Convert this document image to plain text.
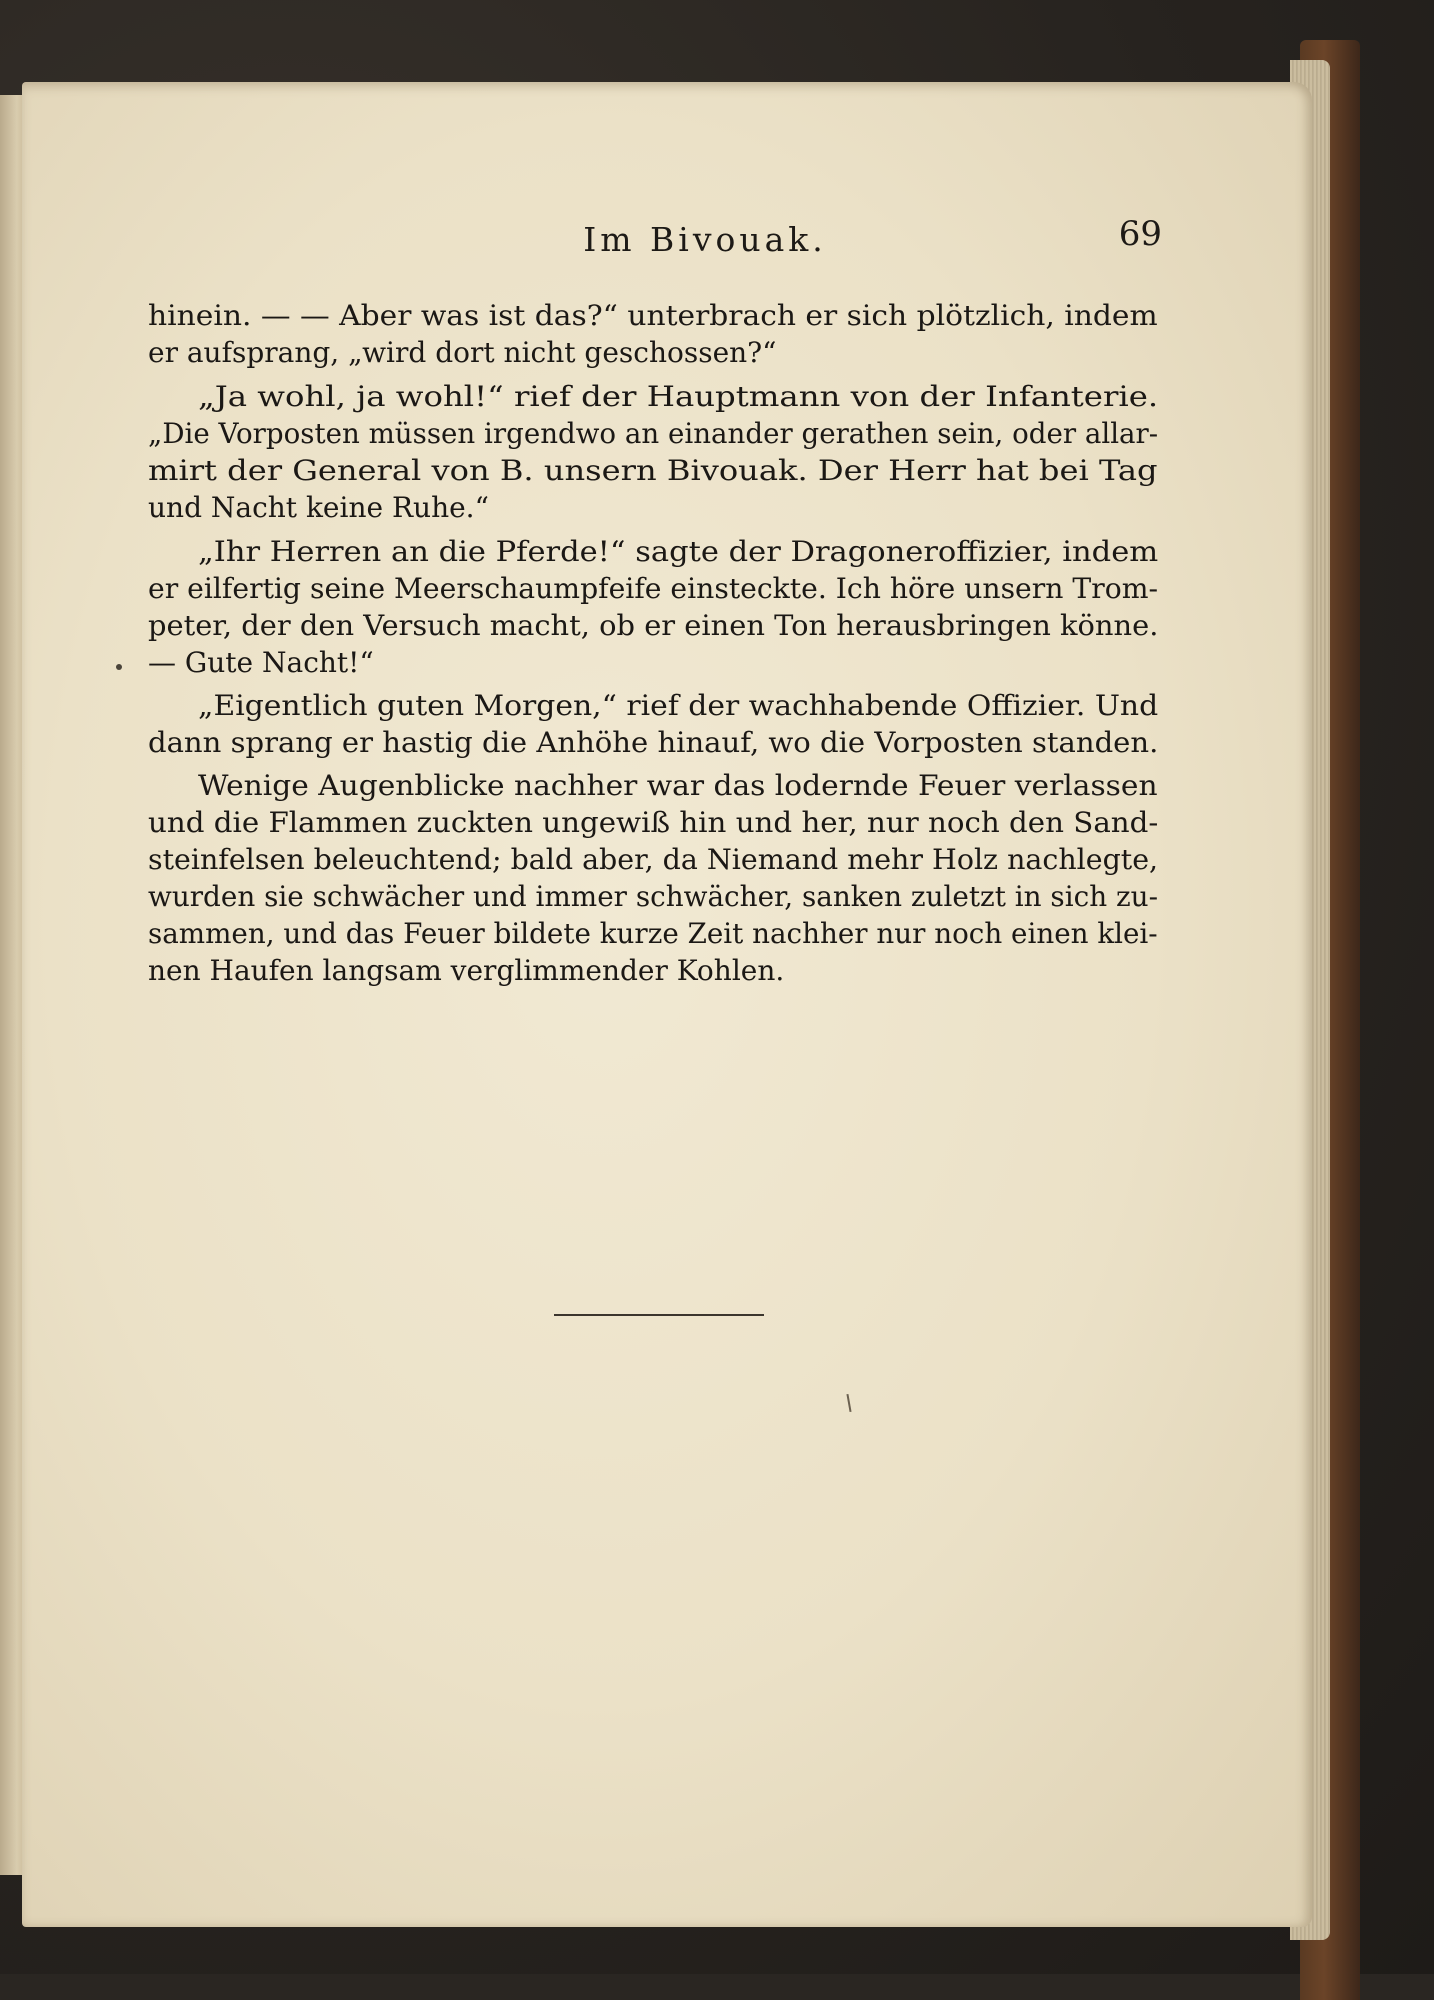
Im Bivouak.	69
hinein. — — Aber was ist das?“ unterbrach er sich plötzlich, indem
er aufsprang, „wird dort nicht geschossen?“
„Ja wohl, ja wohl!“ rief der Hauptmann von der Infanterie.
„Die Vorposten müssen irgendwo an einander gerathen sein, oder allar-
mirt der General von B. unsern Bivouak. Der Herr hat bei Tag
und Nacht keine Ruhe.“
„Ihr Herren an die Pferde!“ sagte der Dragoneroffizier, indem
er eilfertig seine Meerschaumpfeife einsteckte. Ich höre unsern Trom-
peter, der den Versuch macht, ob er einen Ton herausbringen könne.
— Gute Nacht!“
„Eigentlich guten Morgen,“ rief der wachhabende Offizier. Und
dann sprang er hastig die Anhöhe hinauf, wo die Vorposten standen.
Wenige Augenblicke nachher war das lodernde Feuer verlassen
und die Flammen zuckten ungewiß hin und her, nur noch den Sand-
steinfelsen beleuchtend; bald aber, da Niemand mehr Holz nachlegte,
wurden sie schwächer und immer schwächer, sanken zuletzt in sich zu-
sammen, und das Feuer bildete kurze Zeit nachher nur noch einen klei-
nen Haufen langsam verglimmender Kohlen.
